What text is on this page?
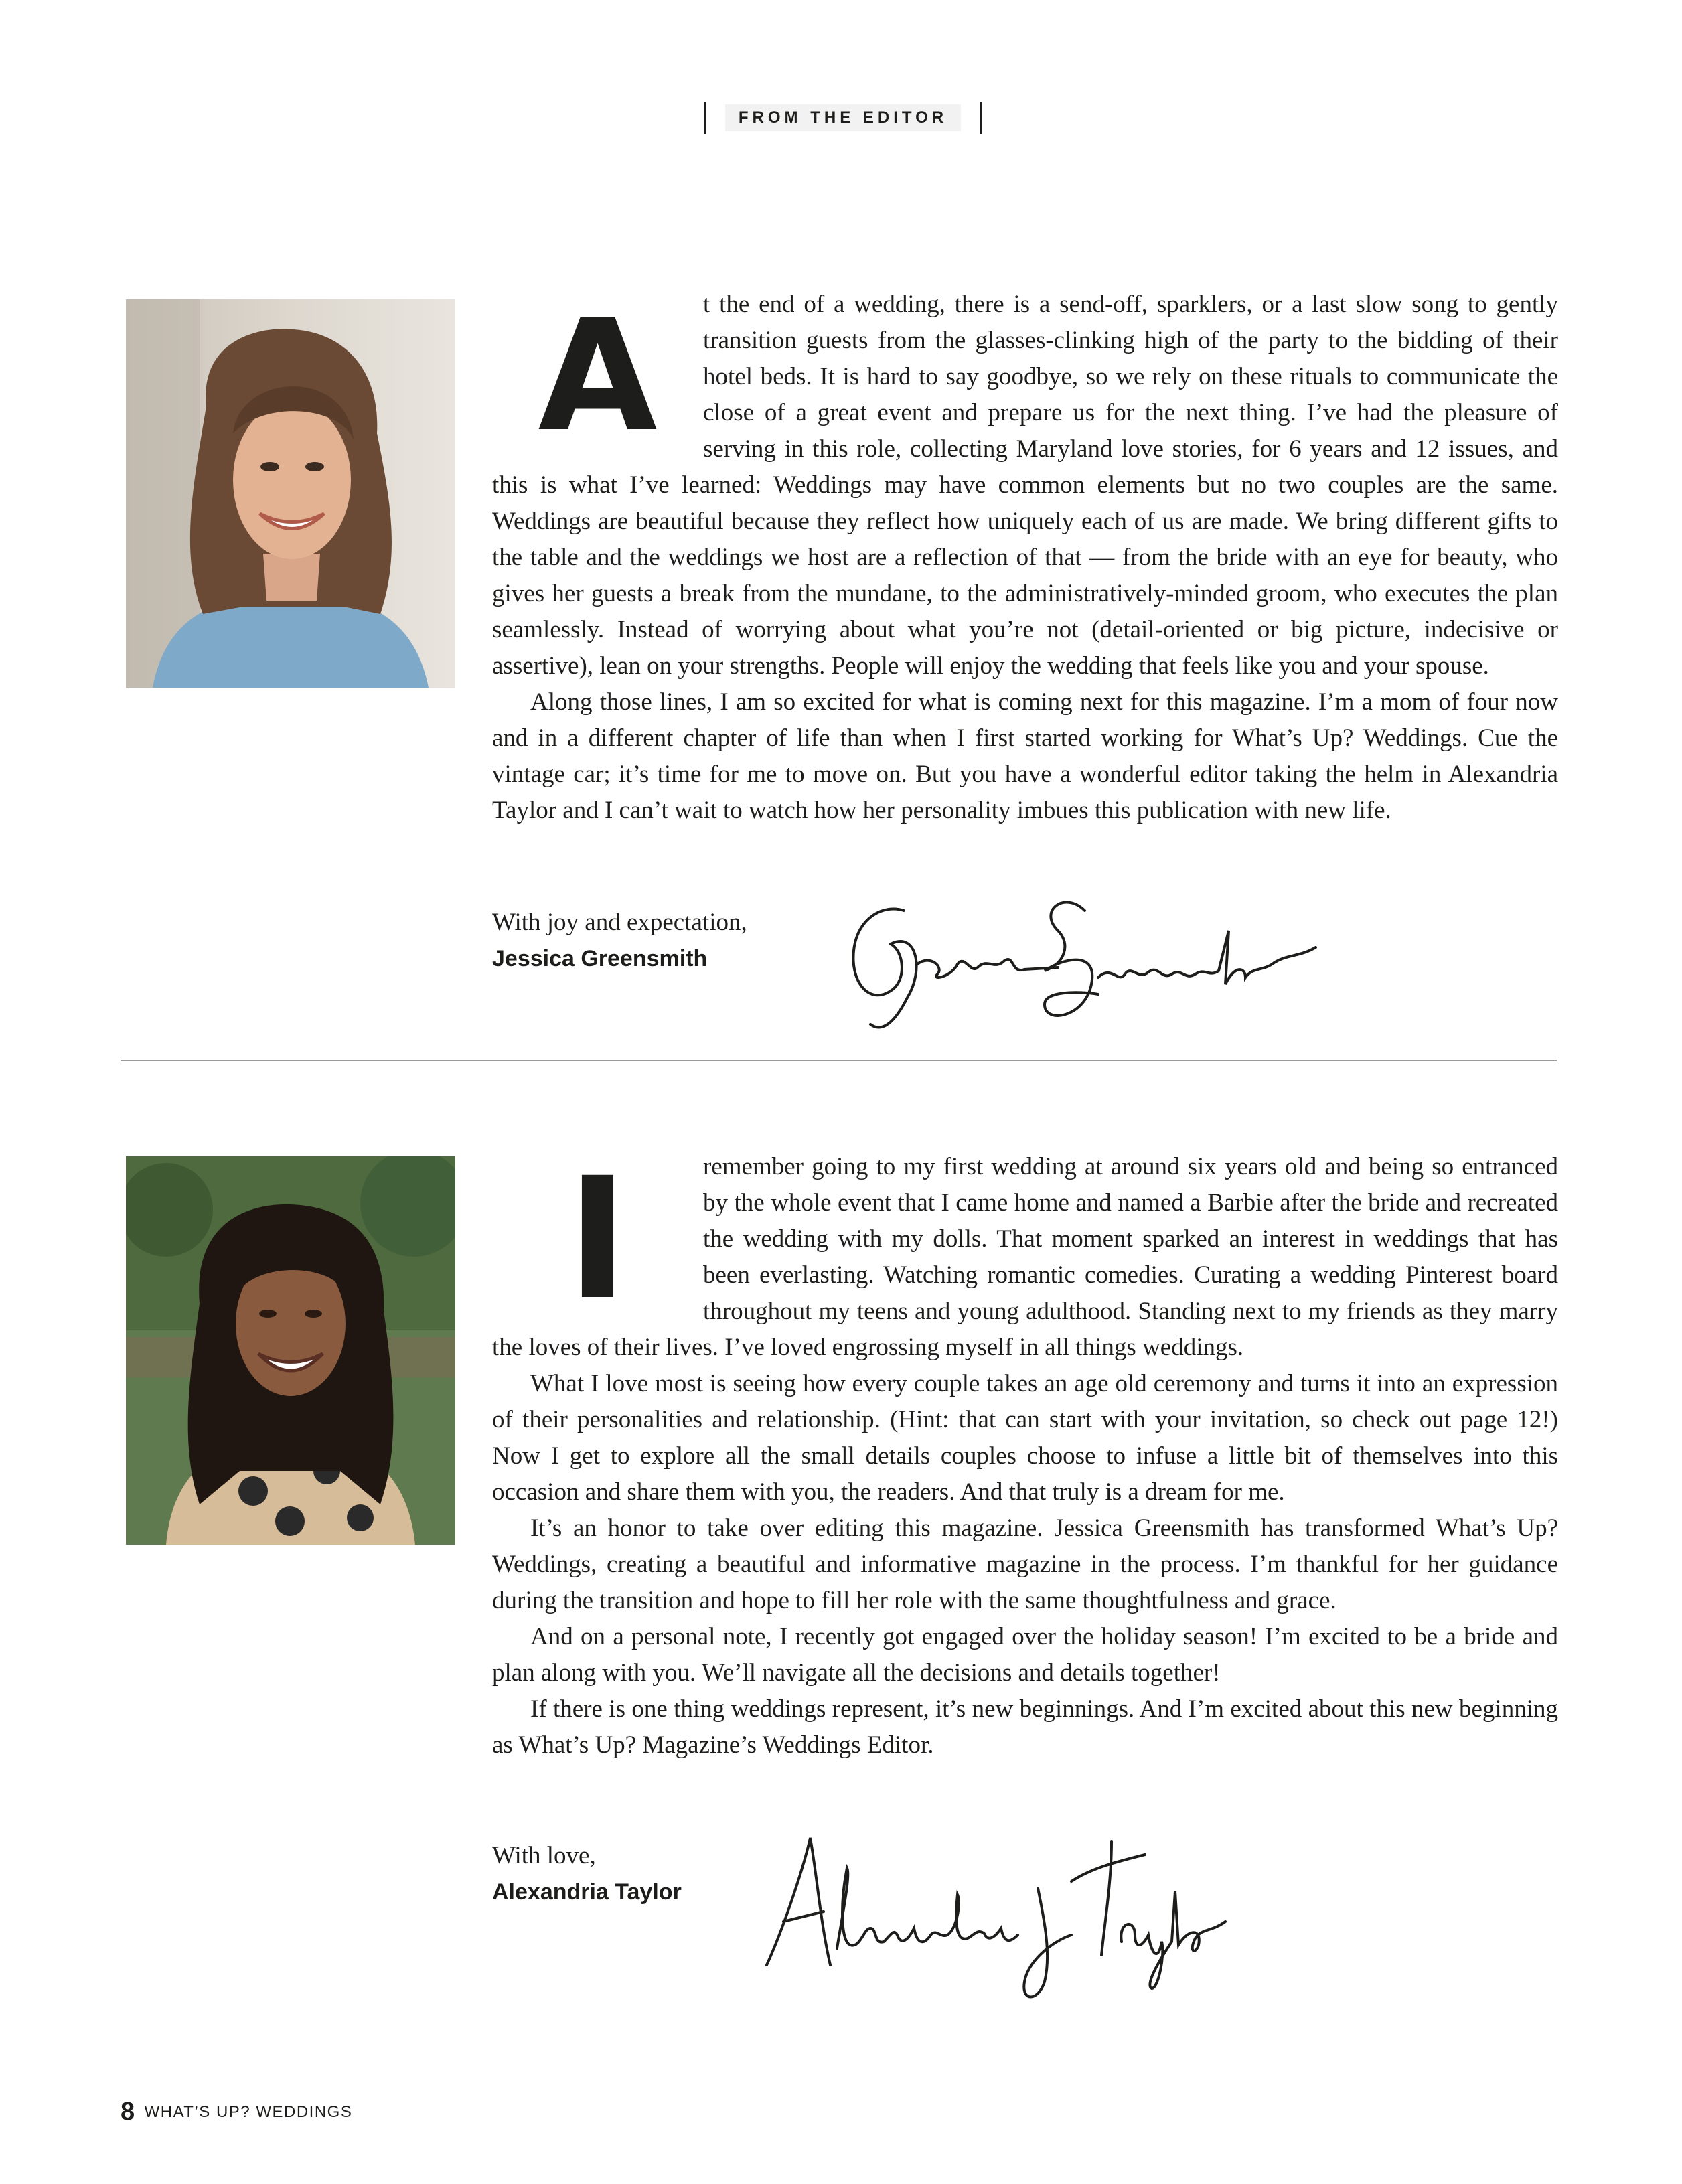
FROM THE EDITOR
A	t the end of a wedding, there is a send-off, sparklers, or a last slow song to gently transition guests from the glasses-clinking high of the party to the bidding of their hotel beds. It is hard to say goodbye, so we rely on these rituals to communicate the close of a great event and prepare us for the next thing. I’ve had the pleasure of serving in this role, collecting Maryland love stories, for 6 years and 12 issues, and this is what I’ve learned: Weddings may have common elements but no two couples are the same. Weddings are beautiful because they reflect how uniquely each of us are made. We bring different gifts to the table and the weddings we host are a reflection of that — from the bride with an eye for beauty, who gives her guests a break from the mundane, to the administratively-minded groom, who executes the plan seamlessly. Instead of worrying about what you’re not (detail-oriented or big picture, indecisive or assertive), lean on your strengths. People will enjoy the wedding that feels like you and your spouse.

Along those lines, I am so excited for what is coming next for this magazine. I’m a mom of four now and in a different chapter of life than when I first started working for What’s Up? Weddings. Cue the vintage car; it’s time for me to move on. But you have a wonderful editor taking the helm in Alexandria Taylor and I can’t wait to watch how her personality imbues this publication with new life.

With joy and expectation,
Jessica Greensmith
I	remember going to my first wedding at around six years old and being so entranced by the whole event that I came home and named a Barbie after the bride and recreated the wedding with my dolls. That moment sparked an interest in weddings that has been everlasting. Watching romantic comedies. Curating a wedding Pinterest board throughout my teens and young adulthood. Standing next to my friends as they marry the loves of their lives. I’ve loved engrossing myself in all things weddings.

What I love most is seeing how every couple takes an age old ceremony and turns it into an expression of their personalities and relationship. (Hint: that can start with your invitation, so check out page 12!) Now I get to explore all the small details couples choose to infuse a little bit of themselves into this occasion and share them with you, the readers. And that truly is a dream for me.

It’s an honor to take over editing this magazine. Jessica Greensmith has transformed What’s Up? Weddings, creating a beautiful and informative magazine in the process. I’m thankful for her guidance during the transition and hope to fill her role with the same thoughtfulness and grace.

And on a personal note, I recently got engaged over the holiday season! I’m excited to be a bride and plan along with you. We’ll navigate all the decisions and details together!

If there is one thing weddings represent, it’s new beginnings. And I’m excited about this new beginning as What’s Up? Magazine’s Weddings Editor.

With love,
Alexandria Taylor
8 WHAT’S UP? WEDDINGS
